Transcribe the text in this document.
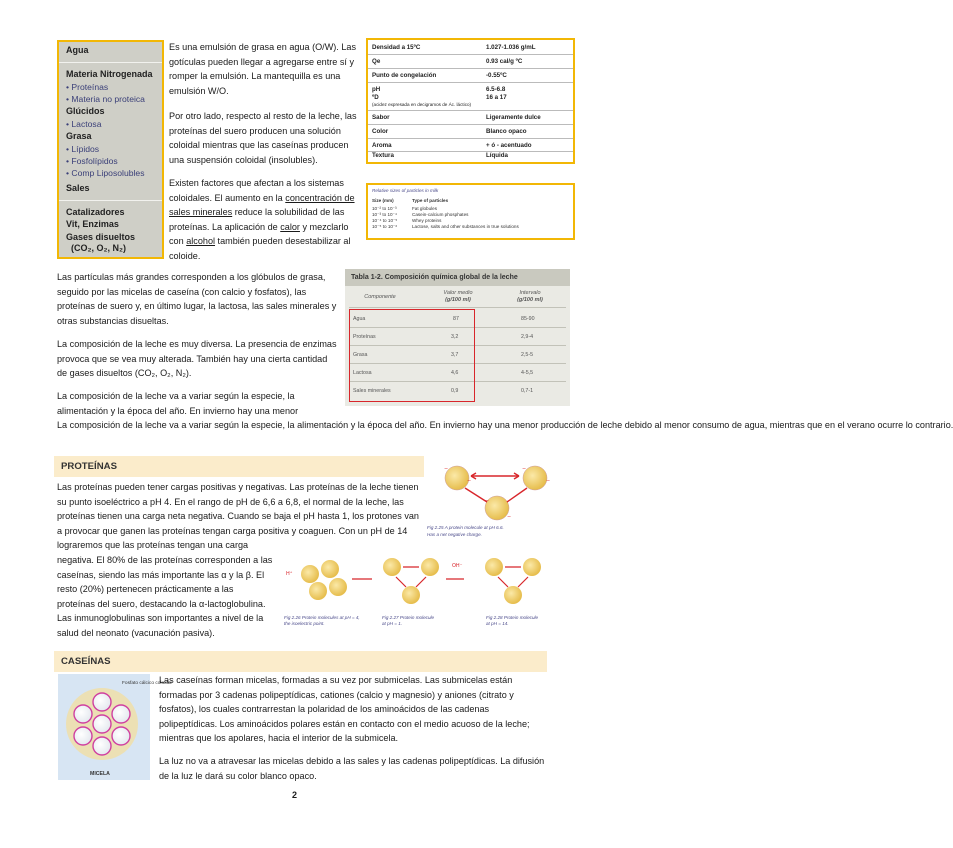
Agua
Materia Nitrogenada
• Proteínas
• Materia no proteica
Glúcidos
• Lactosa
Grasa
• Lípidos
• Fosfolípidos
• Comp Liposolubles
Sales
Catalizadores
Vit, Enzimas
Gases disueltos
(CO₂, O₂, N₂)
Es una emulsión de grasa en agua (O/W). Las gotículas pueden llegar a agregarse entre sí y romper la emulsión. La mantequilla es una emulsión W/O.
Por otro lado, respecto al resto de la leche, las proteínas del suero producen una solución coloidal mientras que las caseínas producen una suspensión coloidal (insolubles).
Existen factores que afectan a los sistemas coloidales. El aumento en la concentración de sales minerales reduce la solubilidad de las proteínas. La aplicación de calor y mezclarlo con alcohol también pueden desestabilizar al coloide.
Densidad a 15ºC	1.027-1.036 g/mL
Qe	0.93 cal/g ºC
Punto de congelación	-0.55ºC
pH	6.5-6.8
ºD	16 a 17
(acidez expresada en decigramos de Ác. láctico)
Sabor	Ligeramente dulce
Color	Blanco opaco
Aroma	+ ó - acentuado
Textura	Líquida
Relative sizes of particles in milk
Size (mm)	Type of particles
10⁻² to 10⁻³	Fat globules
10⁻³ to 10⁻⁴	Casein-calcium phosphates
10⁻⁴ to 10⁻⁵	Whey proteins
10⁻⁵ to 10⁻⁶	Lactose, salts and other substances in true solutions
Las partículas más grandes corresponden a los glóbulos de grasa, seguido por las micelas de caseína (con calcio y fosfatos), las proteínas de suero y, en último lugar, la lactosa, las sales minerales y otras substancias disueltas.
La composición de la leche es muy diversa. La presencia de enzimas provoca que se vea muy alterada. También hay una cierta cantidad de gases disueltos (CO₂, O₂, N₂).
La composición de la leche va a variar según la especie, la alimentación y la época del año. En invierno hay una menor
La composición de la leche va a variar según la especie, la alimentación y la época del año. En invierno hay una menor producción de leche debido al menor consumo de agua, mientras que en el verano ocurre lo contrario.
Tabla 1-2. Composición química global de la leche
Componente
Valor medio
(g/100 ml)
Intervalo
(g/100 ml)
Agua	87	85-90
Proteínas	3,2	2,9-4
Grasa	3,7	2,5-5
Lactosa	4,6	4-5,5
Sales minerales	0,9	0,7-1
PROTEÍNAS
Las proteínas pueden tener cargas positivas y negativas. Las proteínas de la leche tienen
su punto isoeléctrico a pH 4. En el rango de pH de 6,6 a 6,8, el normal de la leche, las
proteínas tienen una carga neta negativa. Cuando se baja el pH hasta 1, los protones van
a provocar que ganen las proteínas tengan carga positiva y coaguen. Con un pH de 14
lograremos que las proteínas tengan una carga
negativa. El 80% de las proteínas corresponden a las
caseínas, siendo las más importante las α y la β. El
resto (20%) pertenecen prácticamente a las
proteínas del suero, destacando la α-lactoglobulina.
Las inmunoglobulinas son importantes a nivel de la
salud del neonato (vacunación pasiva).
−
−
−
−
−
−
Fig 2.25 A protein molecule at pH 6.6.
Has a net negative charge.
H⁺
OH⁻
Fig 2.26 Protein molecules at pH = 4,
the isoelectric point.
Fig 2.27 Protein molecule
at pH = 1.
Fig 2.28 Protein molecule
at pH = 14.
CASEÍNAS
Fosfato cálcico coloidal
MICELA
Las caseínas forman micelas, formadas a su vez por submicelas. Las submicelas están
formadas por 3 cadenas polipeptídicas, cationes (calcio y magnesio) y aniones (citrato y
fosfatos), los cuales contrarrestan la polaridad de los aminoácidos de las cadenas
polipeptídicas. Los aminoácidos polares están en contacto con el medio acuoso de la leche;
mientras que los apolares, hacia el interior de la submicela.
La luz no va a atravesar las micelas debido a las sales y las cadenas polipeptídicas. La difusión
de la luz le dará su color blanco opaco.
2
